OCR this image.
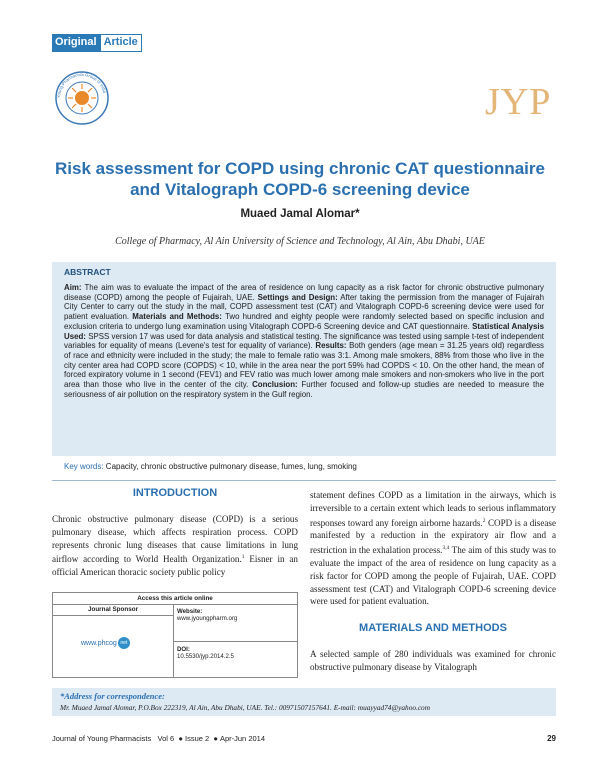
Original Article
Young Pharmacists Group of India	JYP
Risk assessment for COPD using chronic CAT questionnaire and Vitalograph COPD-6 screening device
Muaed Jamal Alomar*
College of Pharmacy, Al Ain University of Science and Technology, Al Ain, Abu Dhabi, UAE
ABSTRACT

Aim: The aim was to evaluate the impact of the area of residence on lung capacity as a risk factor for chronic obstructive pulmonary disease (COPD) among the people of Fujairah, UAE. Settings and Design: After taking the permission from the manager of Fujairah City Center to carry out the study in the mall, COPD assessment test (CAT) and Vitalograph COPD-6 screening device were used for patient evaluation. Materials and Methods: Two hundred and eighty people were randomly selected based on specific inclusion and exclusion criteria to undergo lung examination using Vitalograph COPD-6 Screening device and CAT questionnaire. Statistical Analysis Used: SPSS version 17 was used for data analysis and statistical testing. The significance was tested using sample t-test of independent variables for equality of means (Levene's test for equality of variance). Results: Both genders (age mean = 31.25 years old) regardless of race and ethnicity were included in the study; the male to female ratio was 3:1. Among male smokers, 88% from those who live in the city center area had COPD score (COPDS) < 10, while in the area near the port 59% had COPDS < 10. On the other hand, the mean of forced expiratory volume in 1 second (FEV1) and FEV ratio was much lower among male smokers and non-smokers who live in the port area than those who live in the center of the city. Conclusion: Further focused and follow-up studies are needed to measure the seriousness of air pollution on the respiratory system in the Gulf region.

Key words: Capacity, chronic obstructive pulmonary disease, fumes, lung, smoking
INTRODUCTION
Chronic obstructive pulmonary disease (COPD) is a serious pulmonary disease, which affects respiration process. COPD represents chronic lung diseases that cause limitations in lung airflow according to World Health Organization.$^1$ Eisner in an official American thoracic society public policy
Access this article online
Journal Sponsor
www.phcog net
Website:
www.jyoungpharm.org
DOI:
10.5530/jyp.2014.2.5
statement defines COPD as a limitation in the airways, which is irreversible to a certain extent which leads to serious inflammatory responses toward any foreign airborne hazards.$^2$ COPD is a disease manifested by a reduction in the expiratory air flow and a restriction in the exhalation process.$^{3,4}$ The aim of this study was to evaluate the impact of the area of residence on lung capacity as a risk factor for COPD among the people of Fujairah, UAE. COPD assessment test (CAT) and Vitalograph COPD-6 screening device were used for patient evaluation.
MATERIALS AND METHODS
A selected sample of 280 individuals was examined for chronic obstructive pulmonary disease by Vitalograph
*Address for correspondence:
Mr. Muaed Jamal Alomar, P.O.Box 222319, Al Ain, Abu Dhabi, UAE. Tel.: 00971507157641. E-mail: muayyad74@yahoo.com
Journal of Young Pharmacists Vol 6  ● Issue 2  ● Apr-Jun 2014	29
